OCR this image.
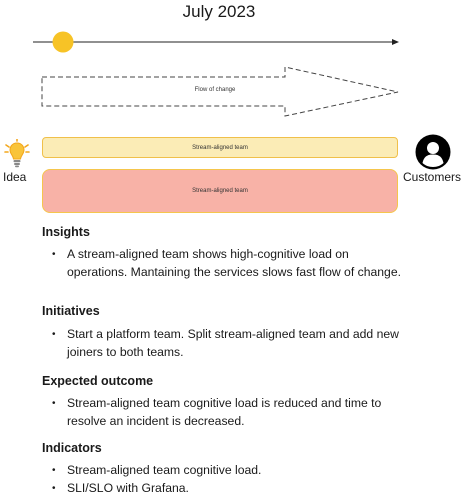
July 2023
Flow of change
Idea	Customers
Stream-aligned team
Stream-aligned team
Insights
• A stream-aligned team shows high-cognitive load on operations. Mantaining the services slows fast flow of change.
Initiatives
• Start a platform team. Split stream-aligned team and add new joiners to both teams.
Expected outcome
• Stream-aligned team cognitive load is reduced and time to resolve an incident is decreased.
Indicators
• Stream-aligned team cognitive load.
• SLI/SLO with Grafana.
